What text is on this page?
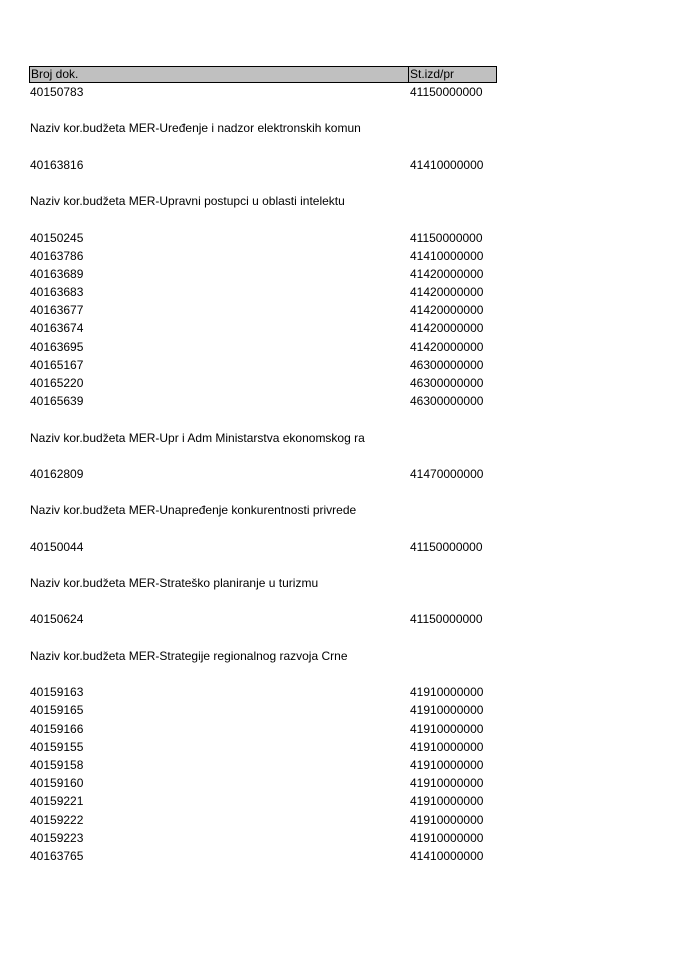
Broj dok.	St.izd/pr
40150783	41150000000
Naziv kor.budžeta MER-Uređenje i nadzor elektronskih komun
40163816	41410000000
Naziv kor.budžeta MER-Upravni postupci u oblasti intelektu
40150245	41150000000
40163786	41410000000
40163689	41420000000
40163683	41420000000
40163677	41420000000
40163674	41420000000
40163695	41420000000
40165167	46300000000
40165220	46300000000
40165639	46300000000
Naziv kor.budžeta MER-Upr i Adm Ministarstva ekonomskog ra
40162809	41470000000
Naziv kor.budžeta MER-Unapređenje konkurentnosti privrede
40150044	41150000000
Naziv kor.budžeta MER-Strateško planiranje u turizmu
40150624	41150000000
Naziv kor.budžeta MER-Strategije regionalnog razvoja Crne
40159163	41910000000
40159165	41910000000
40159166	41910000000
40159155	41910000000
40159158	41910000000
40159160	41910000000
40159221	41910000000
40159222	41910000000
40159223	41910000000
40163765	41410000000
